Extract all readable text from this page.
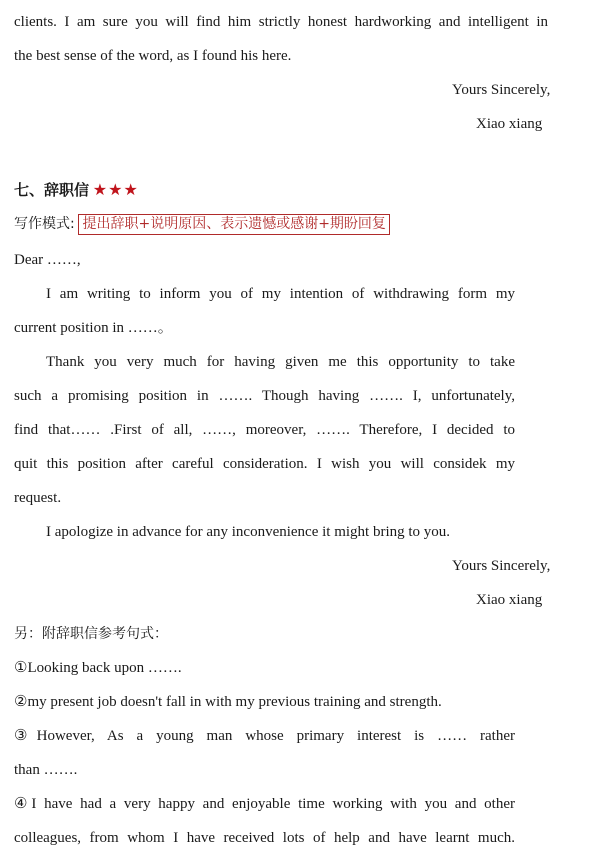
clients. I am sure you will find him strictly honest hardworking and intelligent in
the best sense of the word, as I found his here.
Yours Sincerely,
Xiao xiang
七、辞职信 ★★★
写作模式: 提出辞职+说明原因、表示遗憾或感谢+期盼回复
Dear ……,
I am writing to inform you of my intention of withdrawing form my
current position in ……。
Thank you very much for having given me this opportunity to take
such a promising position in ……. Though having ……. I, unfortunately,
find that…… .First of all, ……, moreover, ……. Therefore, I decided to
quit this position after careful consideration. I wish you will considek my
request.
I apologize in advance for any inconvenience it might bring to you.
Yours Sincerely,
Xiao xiang
另：附辞职信参考句式：
①Looking back upon …….
②my present job doesn't fall in with my previous training and strength.
③However, As a young man whose primary interest is …… rather
than …….
④I have had a very happy and enjoyable time working with you and other
colleagues, from whom I have received lots of help and have learnt much.
